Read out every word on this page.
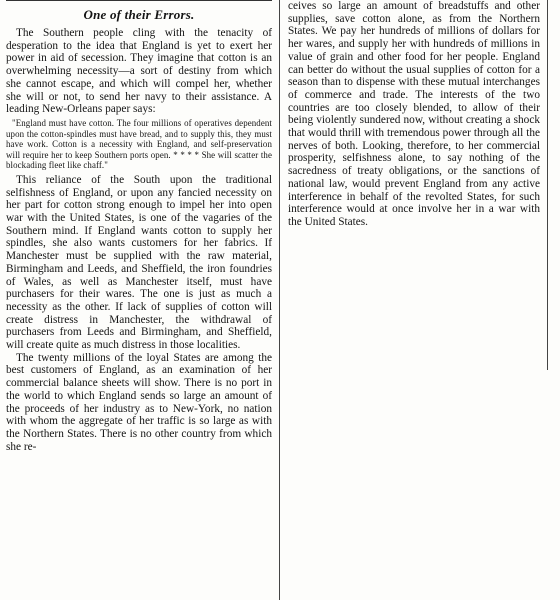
One of their Errors.

The Southern people cling with the tenacity of desperation to the idea that England is yet to exert her power in aid of secession. They imagine that cotton is an overwhelming necessity—a sort of destiny from which she cannot escape, and which will compel her, whether she will or not, to send her navy to their assistance. A leading New-Orleans paper says:

"England must have cotton. The four millions of operatives dependent upon the cotton-spindles must have bread, and to supply this, they must have work. Cotton is a necessity with England, and self-preservation will require her to keep Southern ports open. * * * * She will scatter the blockading fleet like chaff."

This reliance of the South upon the traditional selfishness of England, or upon any fancied necessity on her part for cotton strong enough to impel her into open war with the United States, is one of the vagaries of the Southern mind. If England wants cotton to supply her spindles, she also wants customers for her fabrics. If Manchester must be supplied with the raw material, Birmingham and Leeds, and Sheffield, the iron foundries of Wales, as well as Manchester itself, must have purchasers for their wares. The one is just as much a necessity as the other. If lack of supplies of cotton will create distress in Manchester, the withdrawal of purchasers from Leeds and Birmingham, and Sheffield, will create quite as much distress in those localities.

The twenty millions of the loyal States are among the best customers of England, as an examination of her commercial balance sheets will show. There is no port in the world to which England sends so large an amount of the proceeds of her industry as to New-York, no nation with whom the aggregate of her traffic is so large as with the Northern States. There is no other country from which she re-

ceives so large an amount of breadstuffs and other supplies, save cotton alone, as from the Northern States. We pay her hundreds of millions of dollars for her wares, and supply her with hundreds of millions in value of grain and other food for her people. England can better do without the usual supplies of cotton for a season than to dispense with these mutual interchanges of commerce and trade. The interests of the two countries are too closely blended, to allow of their being violently sundered now, without creating a shock that would thrill with tremendous power through all the nerves of both. Looking, therefore, to her commercial prosperity, selfishness alone, to say nothing of the sacredness of treaty obligations, or the sanctions of national law, would prevent England from any active interference in behalf of the revolted States, for such interference would at once involve her in a war with the United States.
